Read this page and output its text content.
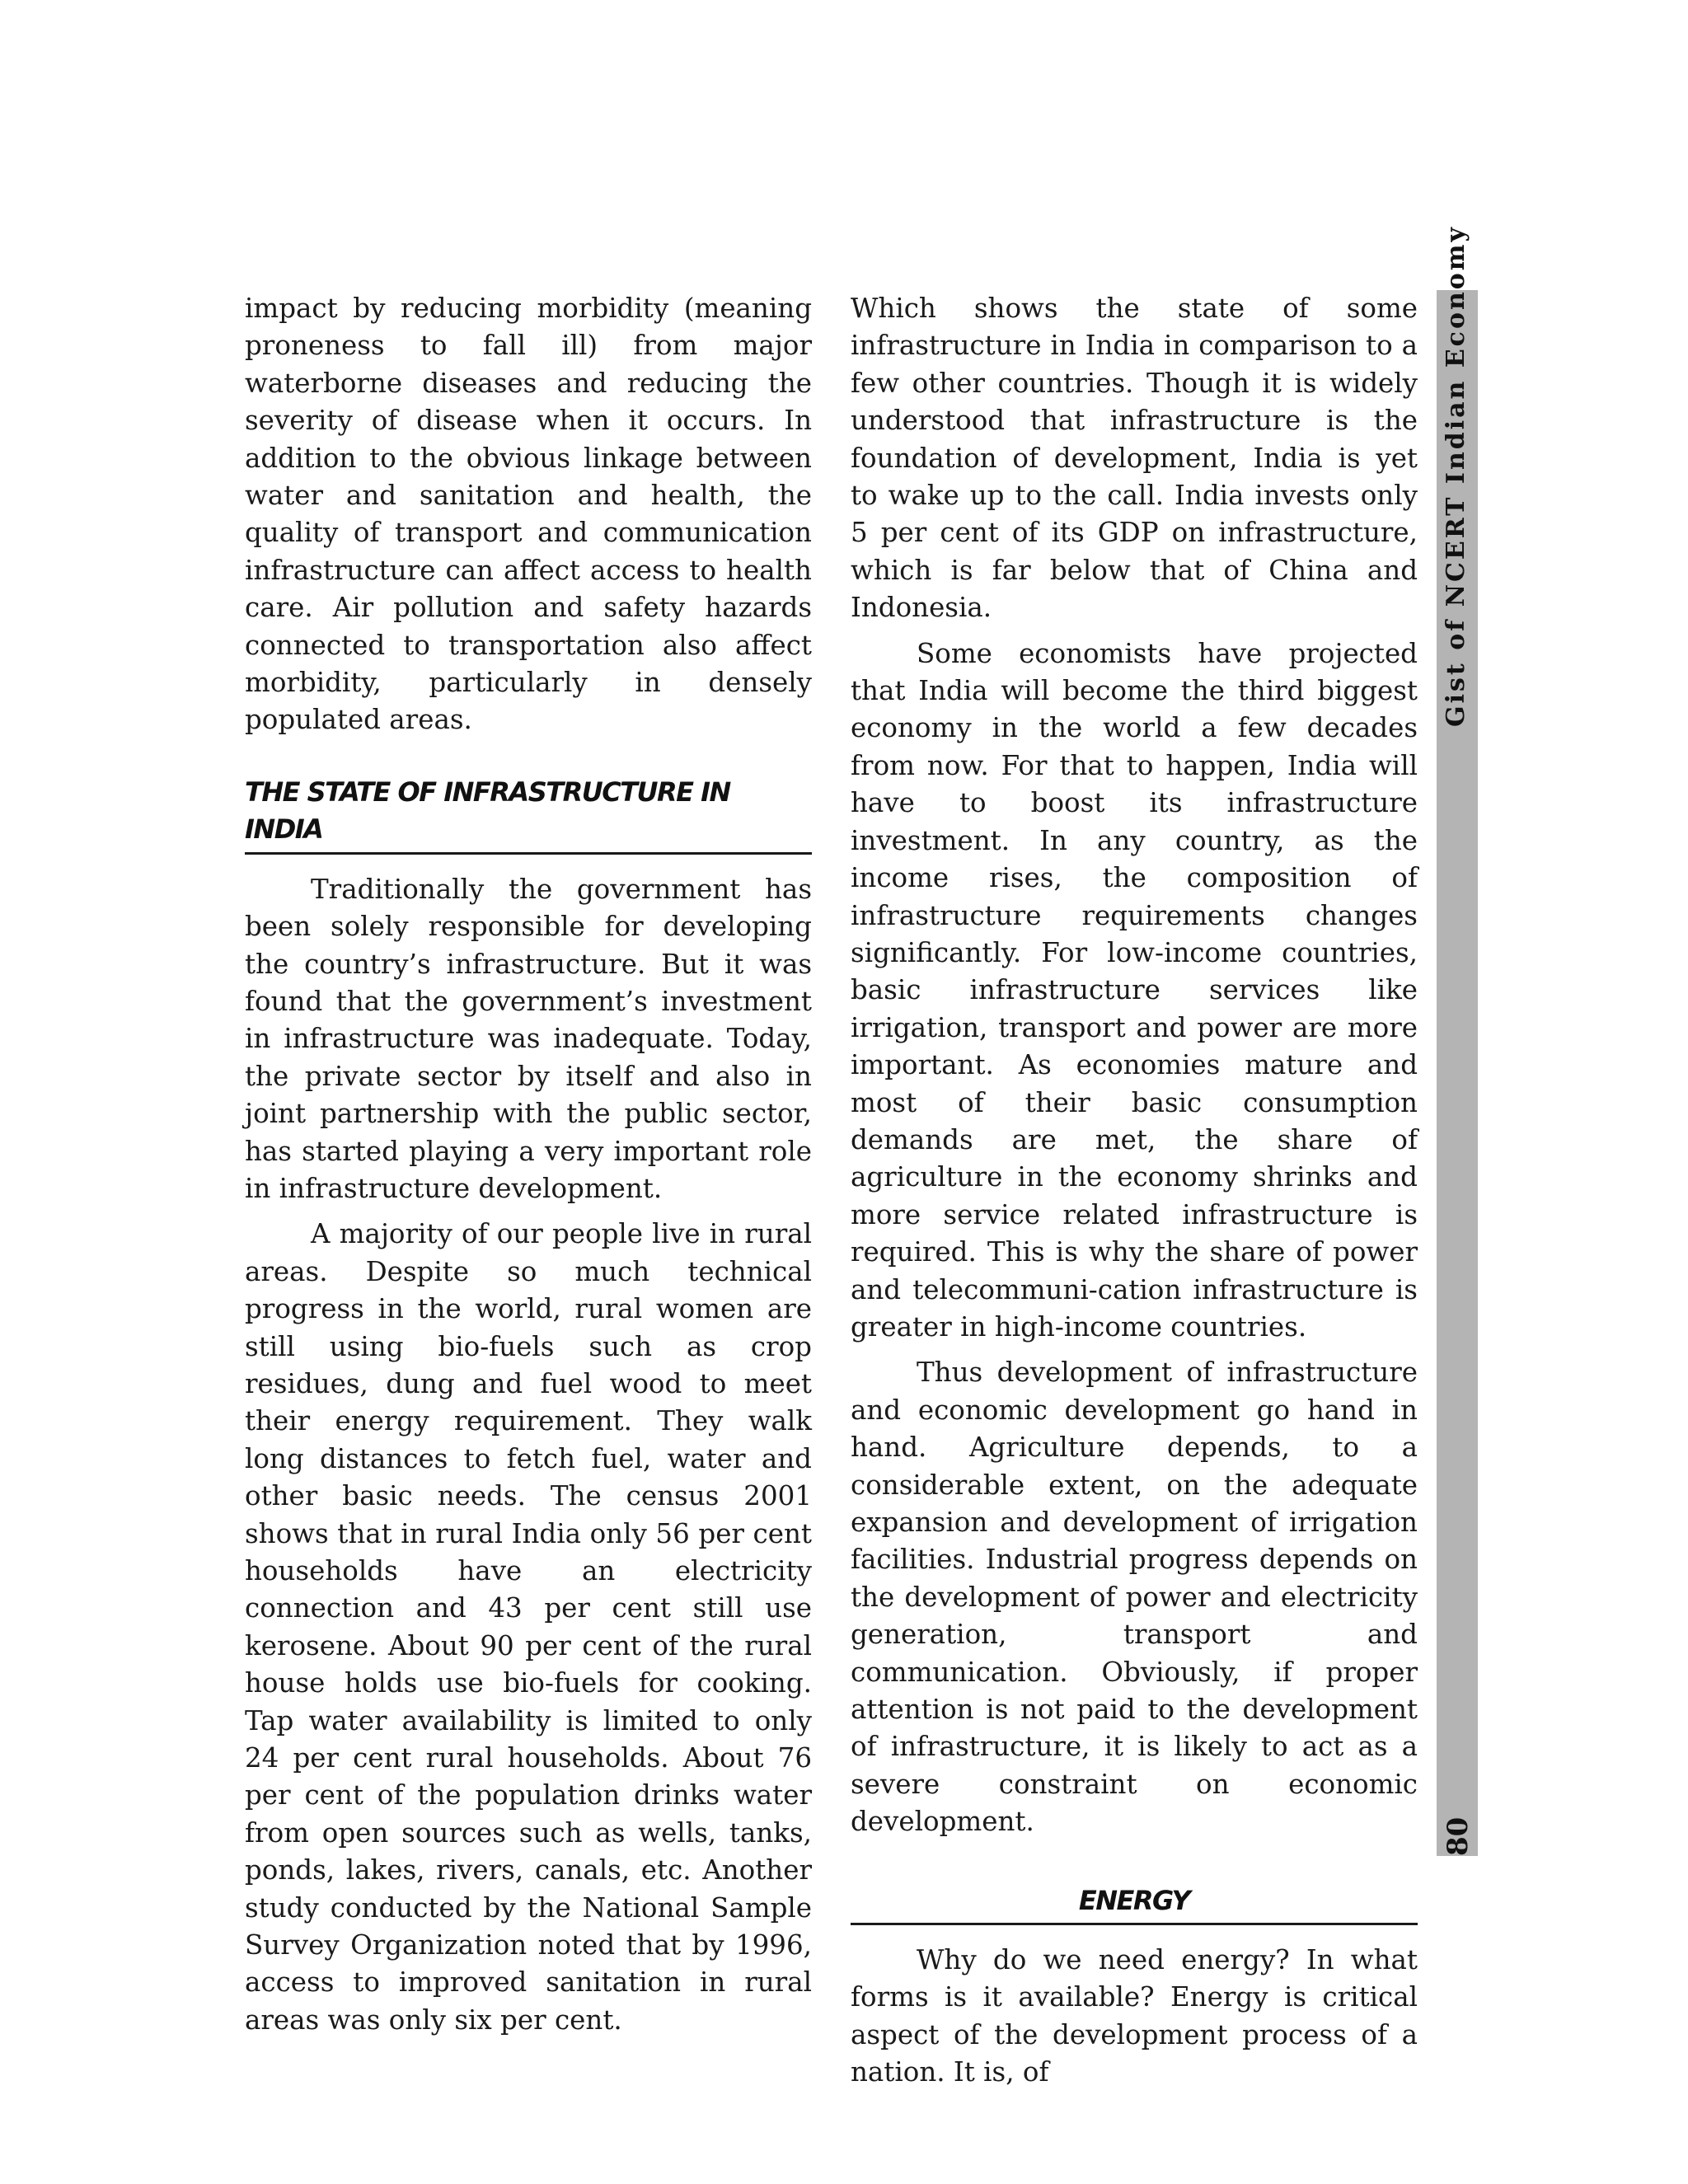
impact by reducing morbidity (meaning proneness to fall ill) from major waterborne diseases and reducing the severity of disease when it occurs. In addition to the obvious linkage between water and sanitation and health, the quality of transport and communication infrastructure can affect access to health care. Air pollution and safety hazards connected to transportation also affect morbidity, particularly in densely populated areas.

THE STATE OF INFRASTRUCTURE IN INDIA

Traditionally the government has been solely responsible for developing the country’s infrastructure. But it was found that the government’s investment in infrastructure was inadequate. Today, the private sector by itself and also in joint partnership with the public sector, has started playing a very important role in infrastructure development.

A majority of our people live in rural areas. Despite so much technical progress in the world, rural women are still using bio-fuels such as crop residues, dung and fuel wood to meet their energy requirement. They walk long distances to fetch fuel, water and other basic needs. The census 2001 shows that in rural India only 56 per cent households have an electricity connection and 43 per cent still use kerosene. About 90 per cent of the rural house holds use bio-fuels for cooking. Tap water availability is limited to only 24 per cent rural households. About 76 per cent of the population drinks water from open sources such as wells, tanks, ponds, lakes, rivers, canals, etc. Another study conducted by the National Sample Survey Organization noted that by 1996, access to improved sanitation in rural areas was only six per cent.

Which shows the state of some infrastructure in India in comparison to a few other countries. Though it is widely understood that infrastructure is the foundation of development, India is yet to wake up to the call. India invests only 5 per cent of its GDP on infrastructure, which is far below that of China and Indonesia.

Some economists have projected that India will become the third biggest economy in the world a few decades from now. For that to happen, India will have to boost its infrastructure investment. In any country, as the income rises, the composition of infrastructure requirements changes significantly. For low-income countries, basic infrastructure services like irrigation, transport and power are more important. As economies mature and most of their basic consumption demands are met, the share of agriculture in the economy shrinks and more service related infrastructure is required. This is why the share of power and telecommuni-cation infrastructure is greater in high-income countries.

Thus development of infrastructure and economic development go hand in hand. Agriculture depends, to a considerable extent, on the adequate expansion and development of irrigation facilities. Industrial progress depends on the development of power and electricity generation, transport and communication. Obviously, if proper attention is not paid to the development of infrastructure, it is likely to act as a severe constraint on economic development.

ENERGY

Why do we need energy? In what forms is it available? Energy is critical aspect of the development process of a nation. It is, of

Gist of NCERT Indian Economy
80
